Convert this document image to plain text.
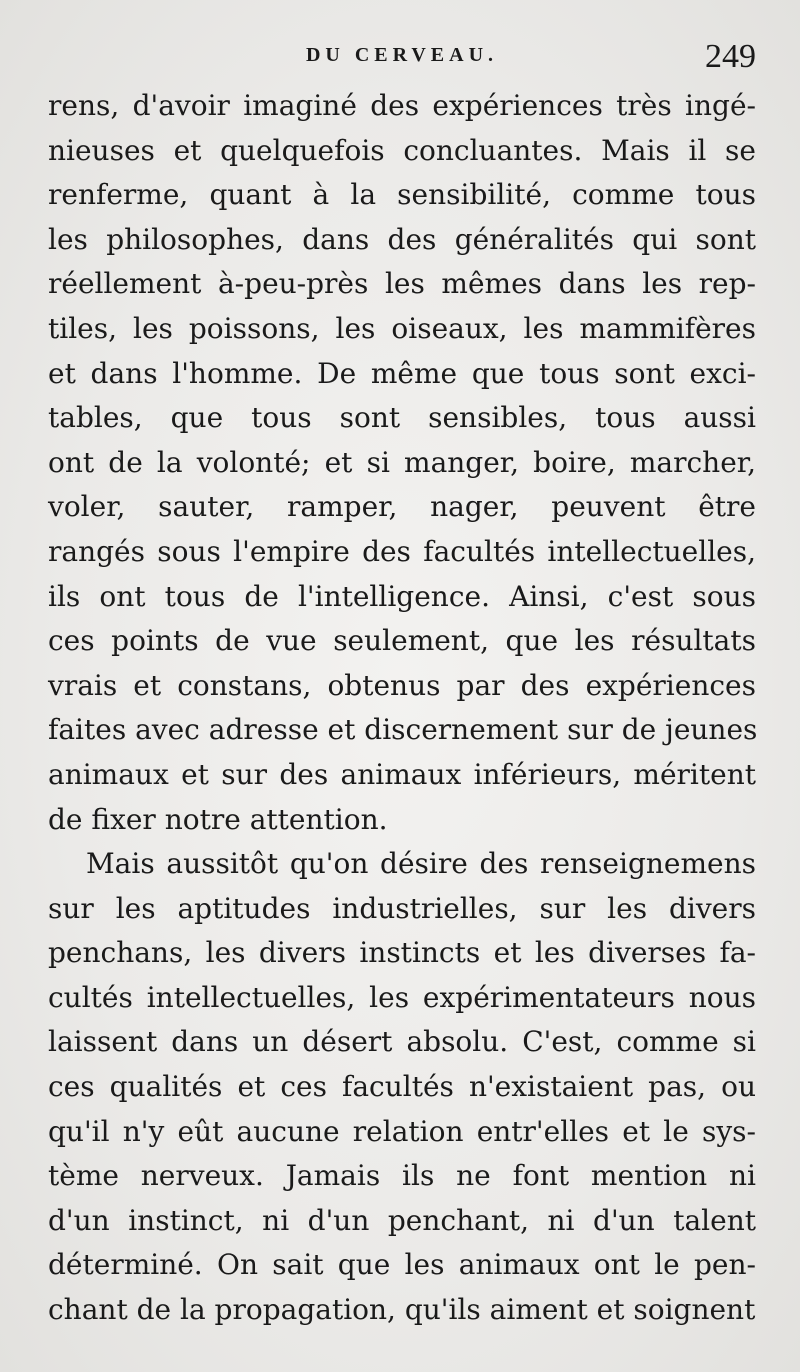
DU CERVEAU.	249
rens, d'avoir imaginé des expériences très ingé-
nieuses et quelquefois concluantes. Mais il se
renferme, quant à la sensibilité, comme tous
les philosophes, dans des généralités qui sont
réellement à-peu-près les mêmes dans les rep-
tiles, les poissons, les oiseaux, les mammifères
et dans l'homme. De même que tous sont exci-
tables, que tous sont sensibles, tous aussi
ont de la volonté; et si manger, boire, marcher,
voler, sauter, ramper, nager, peuvent être
rangés sous l'empire des facultés intellectuelles,
ils ont tous de l'intelligence. Ainsi, c'est sous
ces points de vue seulement, que les résultats
vrais et constans, obtenus par des expériences
faites avec adresse et discernement sur de jeunes
animaux et sur des animaux inférieurs, méritent
de fixer notre attention.
Mais aussitôt qu'on désire des renseignemens
sur les aptitudes industrielles, sur les divers
penchans, les divers instincts et les diverses fa-
cultés intellectuelles, les expérimentateurs nous
laissent dans un désert absolu. C'est, comme si
ces qualités et ces facultés n'existaient pas, ou
qu'il n'y eût aucune relation entr'elles et le sys-
tème nerveux. Jamais ils ne font mention ni
d'un instinct, ni d'un penchant, ni d'un talent
déterminé. On sait que les animaux ont le pen-
chant de la propagation, qu'ils aiment et soignent
